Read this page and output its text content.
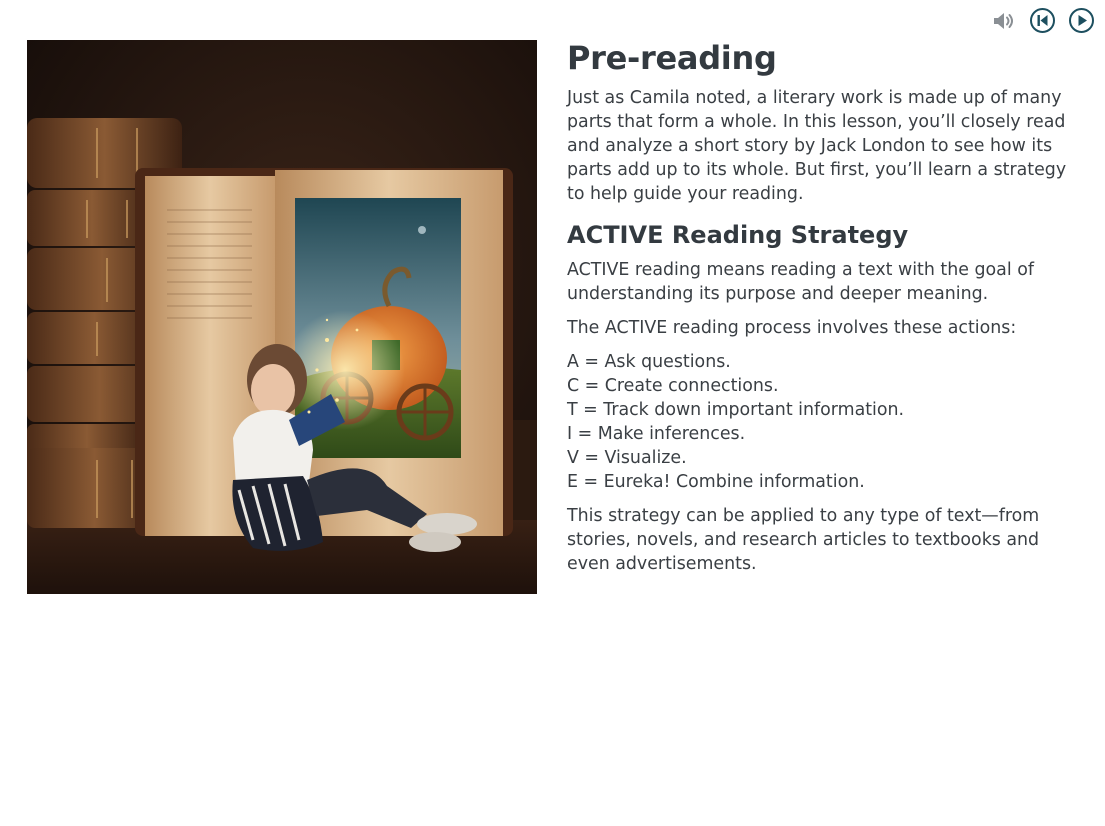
Pre-reading

Just as Camila noted, a literary work is made up of many parts that form a whole. In this lesson, you’ll closely read and analyze a short story by Jack London to see how its parts add up to its whole. But first, you’ll learn a strategy to help guide your reading.

ACTIVE Reading Strategy

ACTIVE reading means reading a text with the goal of understanding its purpose and deeper meaning.

The ACTIVE reading process involves these actions:

A = Ask questions.
C = Create connections.
T = Track down important information.
I = Make inferences.
V = Visualize.
E = Eureka! Combine information.

This strategy can be applied to any type of text—from stories, novels, and research articles to textbooks and even advertisements.
